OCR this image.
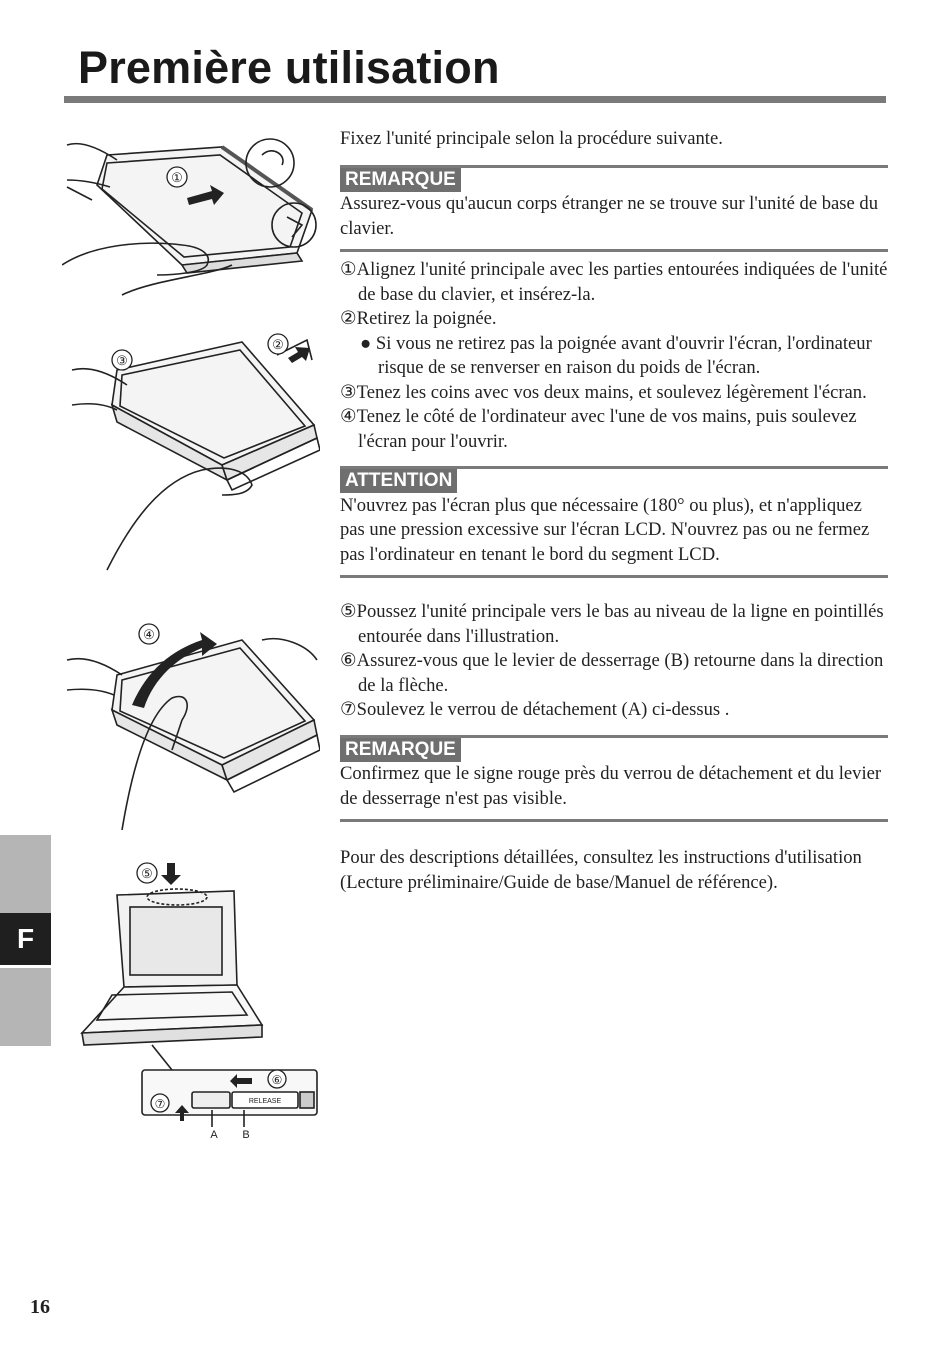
Première utilisation
①
③
②
④
⑤
⑥
⑦	RELEASE
A B

Fixez l'unité principale selon la procédure suivante.

REMARQUE

Assurez-vous qu'aucun corps étranger ne se trouve sur l'unité de base du clavier.

①Alignez l'unité principale avec les parties entourées indiquées de l'unité de base du clavier, et insérez-la.

②Retirez la poignée.

● Si vous ne retirez pas la poignée avant d'ouvrir l'écran, l'ordinateur risque de se renverser en raison du poids de l'écran.

③Tenez les coins avec vos deux mains, et soulevez légèrement l'écran.

④Tenez le côté de l'ordinateur avec l'une de vos mains, puis soulevez l'écran pour l'ouvrir.

ATTENTION

N'ouvrez pas l'écran plus que nécessaire (180° ou plus), et n'appliquez pas une pression excessive sur l'écran LCD. N'ouvrez pas ou ne fermez pas l'ordinateur en tenant le bord du segment LCD.

⑤Poussez l'unité principale vers le bas au niveau de la ligne en pointillés entourée dans l'illustration.

⑥Assurez-vous que le levier de desserrage (B) retourne dans la direction de la flèche.

⑦Soulevez le verrou de détachement (A) ci-dessus .

REMARQUE

Confirmez que le signe rouge près du verrou de détachement et du levier de desserrage n'est pas visible.

Pour des descriptions détaillées, consultez les instructions d'utilisation (Lecture préliminaire/Guide de base/Manuel de référence).

F
16
